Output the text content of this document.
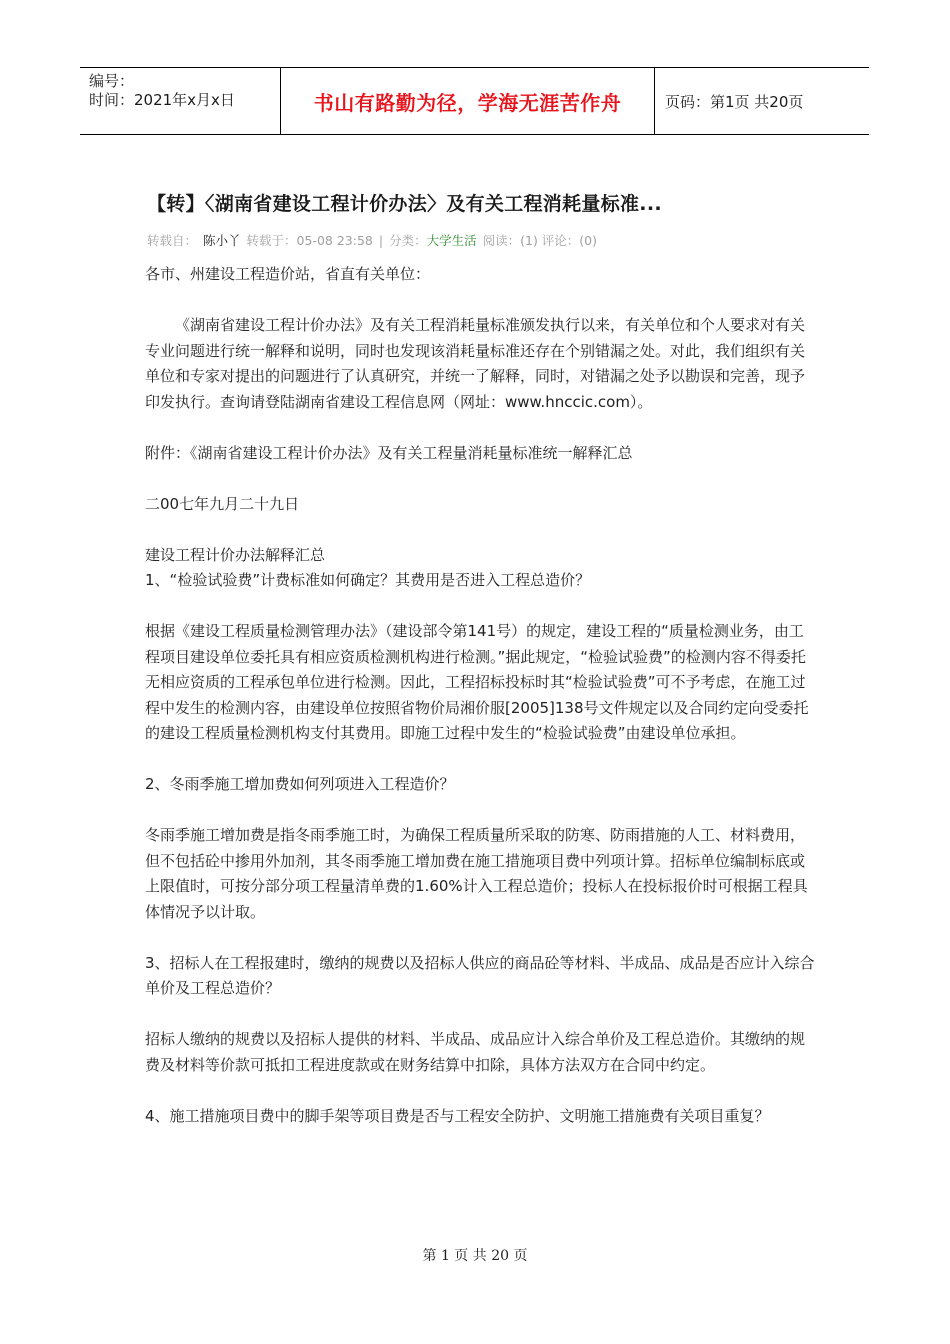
编号：
时间：2021年x月x日	书山有路勤为径，学海无涯苦作舟	页码：第1页 共20页
【转】〈湖南省建设工程计价办法〉及有关工程消耗量标准...
转载自： 陈小丫 转载于：05-08 23:58 | 分类：大学生活 阅读：(1) 评论：(0)

各市、州建设工程造价站，省直有关单位：

《湖南省建设工程计价办法》及有关工程消耗量标准颁发执行以来，有关单位和个人要求对有关专业问题进行统一解释和说明，同时也发现该消耗量标准还存在个别错漏之处。对此，我们组织有关单位和专家对提出的问题进行了认真研究，并统一了解释，同时，对错漏之处予以勘误和完善，现予印发执行。查询请登陆湖南省建设工程信息网（网址：www.hnccic.com）。

附件：《湖南省建设工程计价办法》及有关工程量消耗量标准统一解释汇总

二00七年九月二十九日

建设工程计价办法解释汇总

1、“检验试验费”计费标准如何确定？其费用是否进入工程总造价？

根据《建设工程质量检测管理办法》（建设部令第141号）的规定，建设工程的“质量检测业务，由工程项目建设单位委托具有相应资质检测机构进行检测。”据此规定，“检验试验费”的检测内容不得委托无相应资质的工程承包单位进行检测。因此，工程招标投标时其“检验试验费”可不予考虑，在施工过程中发生的检测内容，由建设单位按照省物价局湘价服[2005]138号文件规定以及合同约定向受委托的建设工程质量检测机构支付其费用。即施工过程中发生的“检验试验费”由建设单位承担。

2、冬雨季施工增加费如何列项进入工程造价？

冬雨季施工增加费是指冬雨季施工时，为确保工程质量所采取的防寒、防雨措施的人工、材料费用，但不包括砼中掺用外加剂，其冬雨季施工增加费在施工措施项目费中列项计算。招标单位编制标底或上限值时，可按分部分项工程量清单费的1.60%计入工程总造价；投标人在投标报价时可根据工程具体情况予以计取。

3、招标人在工程报建时，缴纳的规费以及招标人供应的商品砼等材料、半成品、成品是否应计入综合单价及工程总造价？

招标人缴纳的规费以及招标人提供的材料、半成品、成品应计入综合单价及工程总造价。其缴纳的规费及材料等价款可抵扣工程进度款或在财务结算中扣除，具体方法双方在合同中约定。

4、施工措施项目费中的脚手架等项目费是否与工程安全防护、文明施工措施费有关项目重复？

第 1 页 共 20 页
